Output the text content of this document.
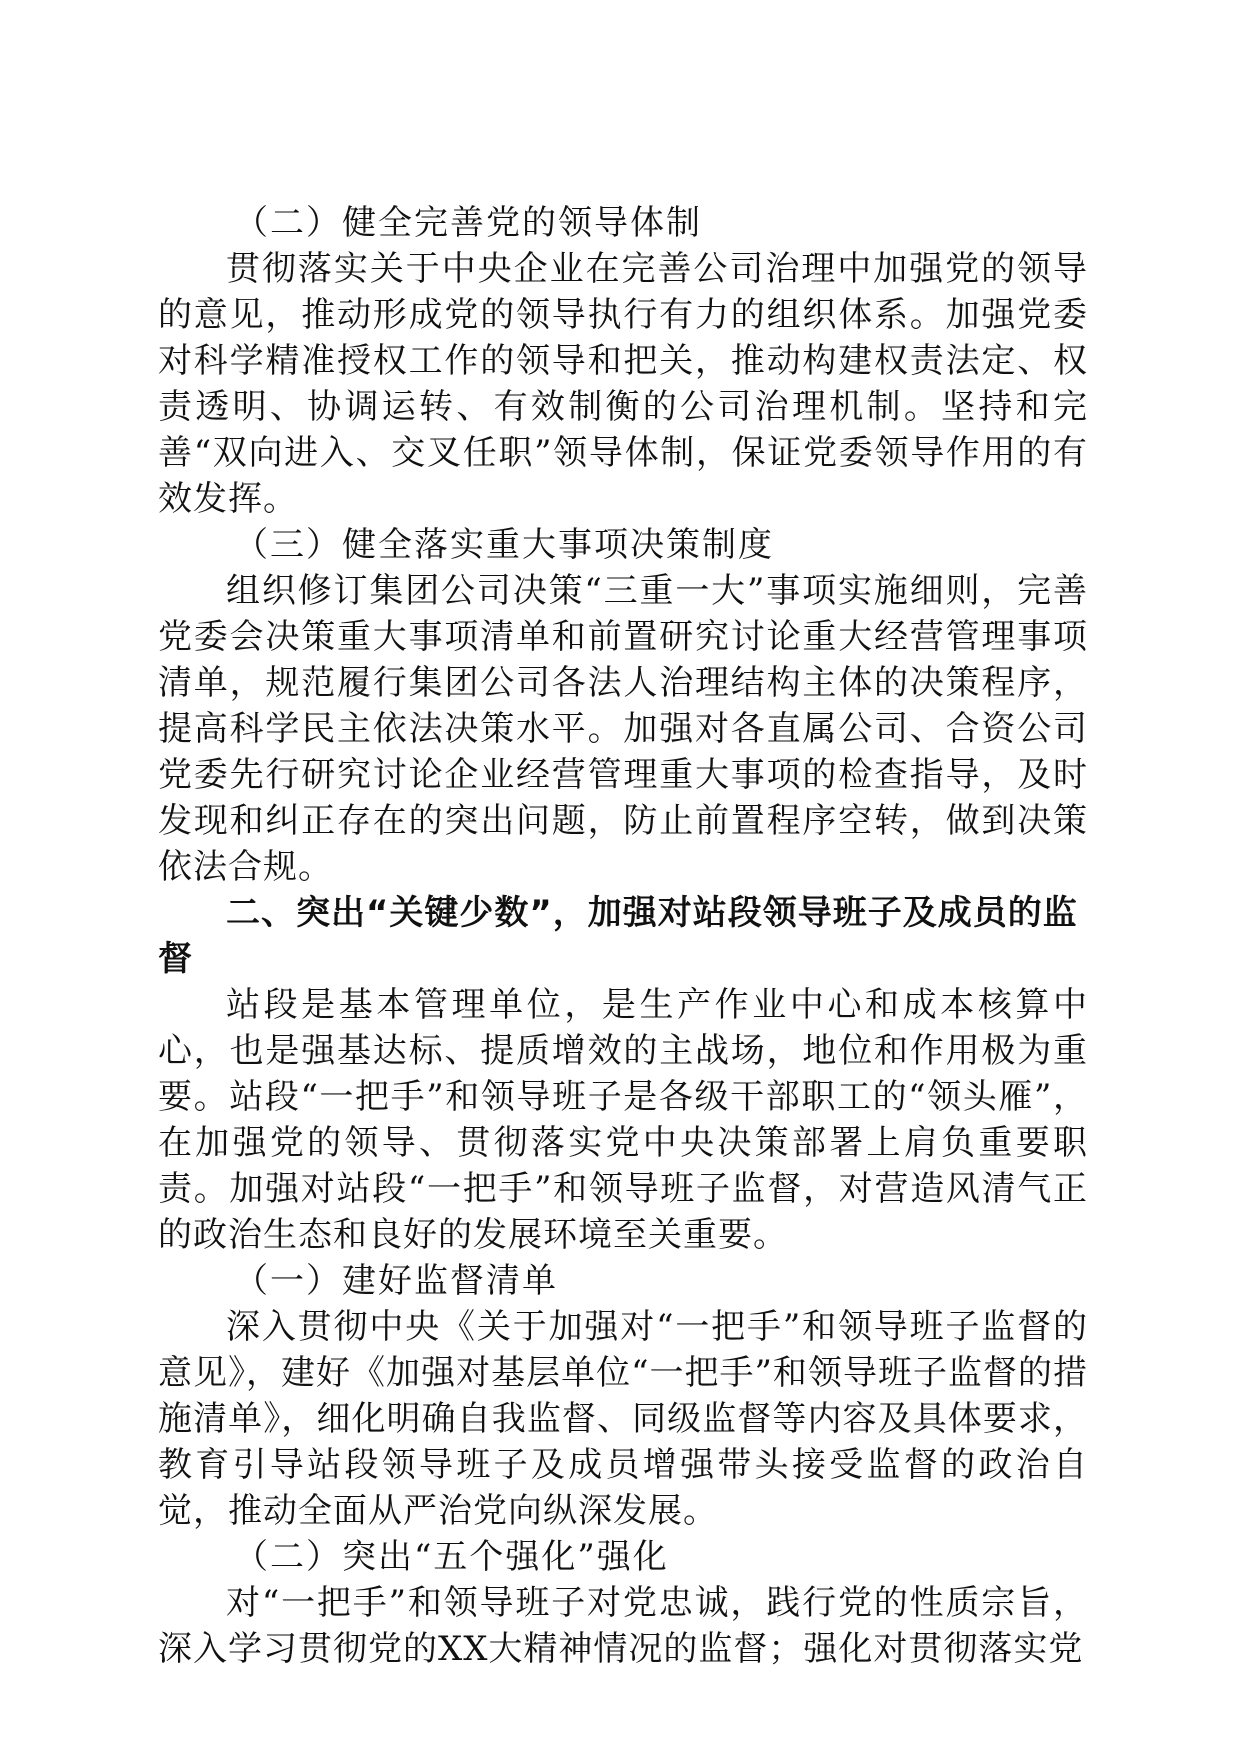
（二）健全完善党的领导体制

贯彻落实关于中央企业在完善公司治理中加强党的领导的意见，推动形成党的领导执行有力的组织体系。加强党委对科学精准授权工作的领导和把关，推动构建权责法定、权责透明、协调运转、有效制衡的公司治理机制。坚持和完善“双向进入、交叉任职”领导体制，保证党委领导作用的有效发挥。

（三）健全落实重大事项决策制度

组织修订集团公司决策“三重一大”事项实施细则，完善党委会决策重大事项清单和前置研究讨论重大经营管理事项清单，规范履行集团公司各法人治理结构主体的决策程序，提高科学民主依法决策水平。加强对各直属公司、合资公司党委先行研究讨论企业经营管理重大事项的检查指导，及时发现和纠正存在的突出问题，防止前置程序空转，做到决策依法合规。

二、突出“关键少数”，加强对站段领导班子及成员的监督

站段是基本管理单位，是生产作业中心和成本核算中心，也是强基达标、提质增效的主战场，地位和作用极为重要。站段“一把手”和领导班子是各级干部职工的“领头雁”，在加强党的领导、贯彻落实党中央决策部署上肩负重要职责。加强对站段“一把手”和领导班子监督，对营造风清气正的政治生态和良好的发展环境至关重要。

（一）建好监督清单

深入贯彻中央《关于加强对“一把手”和领导班子监督的意见》，建好《加强对基层单位“一把手”和领导班子监督的措施清单》，细化明确自我监督、同级监督等内容及具体要求，教育引导站段领导班子及成员增强带头接受监督的政治自觉，推动全面从严治党向纵深发展。

（二）突出“五个强化”强化

对“一把手”和领导班子对党忠诚，践行党的性质宗旨，深入学习贯彻党的XX大精神情况的监督；强化对贯彻落实党
